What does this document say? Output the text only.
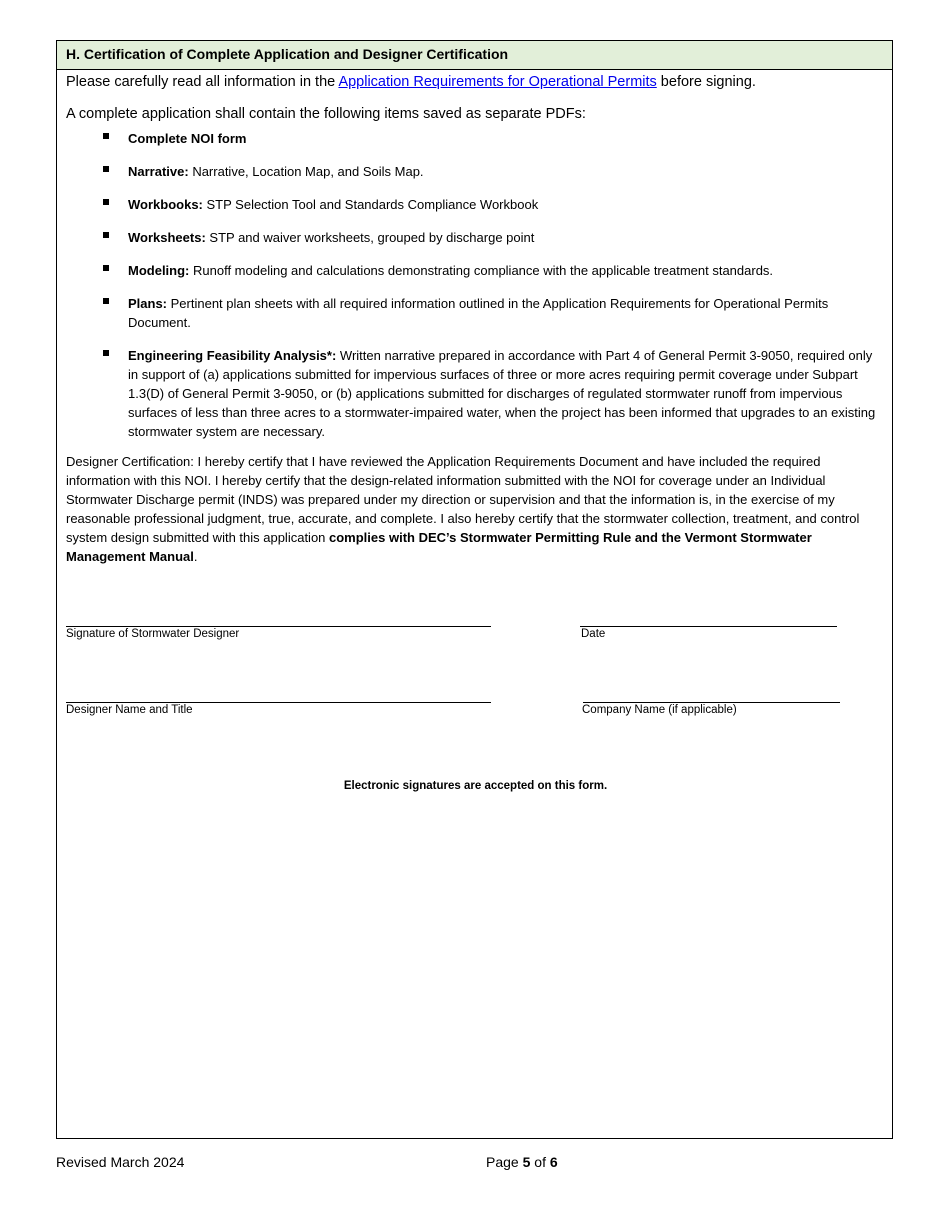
H. Certification of Complete Application and Designer Certification
Please carefully read all information in the Application Requirements for Operational Permits before signing.
A complete application shall contain the following items saved as separate PDFs:
Complete NOI form
Narrative: Narrative, Location Map, and Soils Map.
Workbooks: STP Selection Tool and Standards Compliance Workbook
Worksheets: STP and waiver worksheets, grouped by discharge point
Modeling: Runoff modeling and calculations demonstrating compliance with the applicable treatment standards.
Plans: Pertinent plan sheets with all required information outlined in the Application Requirements for Operational Permits Document.
Engineering Feasibility Analysis*: Written narrative prepared in accordance with Part 4 of General Permit 3-9050, required only in support of (a) applications submitted for impervious surfaces of three or more acres requiring permit coverage under Subpart 1.3(D) of General Permit 3-9050, or (b) applications submitted for discharges of regulated stormwater runoff from impervious surfaces of less than three acres to a stormwater-impaired water, when the project has been informed that upgrades to an existing stormwater system are necessary.
Designer Certification: I hereby certify that I have reviewed the Application Requirements Document and have included the required information with this NOI. I hereby certify that the design-related information submitted with the NOI for coverage under an Individual Stormwater Discharge permit (INDS) was prepared under my direction or supervision and that the information is, in the exercise of my reasonable professional judgment, true, accurate, and complete. I also hereby certify that the stormwater collection, treatment, and control system design submitted with this application complies with DEC’s Stormwater Permitting Rule and the Vermont Stormwater Management Manual.
Signature of Stormwater Designer	Date
Designer Name and Title	Company Name (if applicable)
Electronic signatures are accepted on this form.
Revised March 2024	Page 5 of 6
